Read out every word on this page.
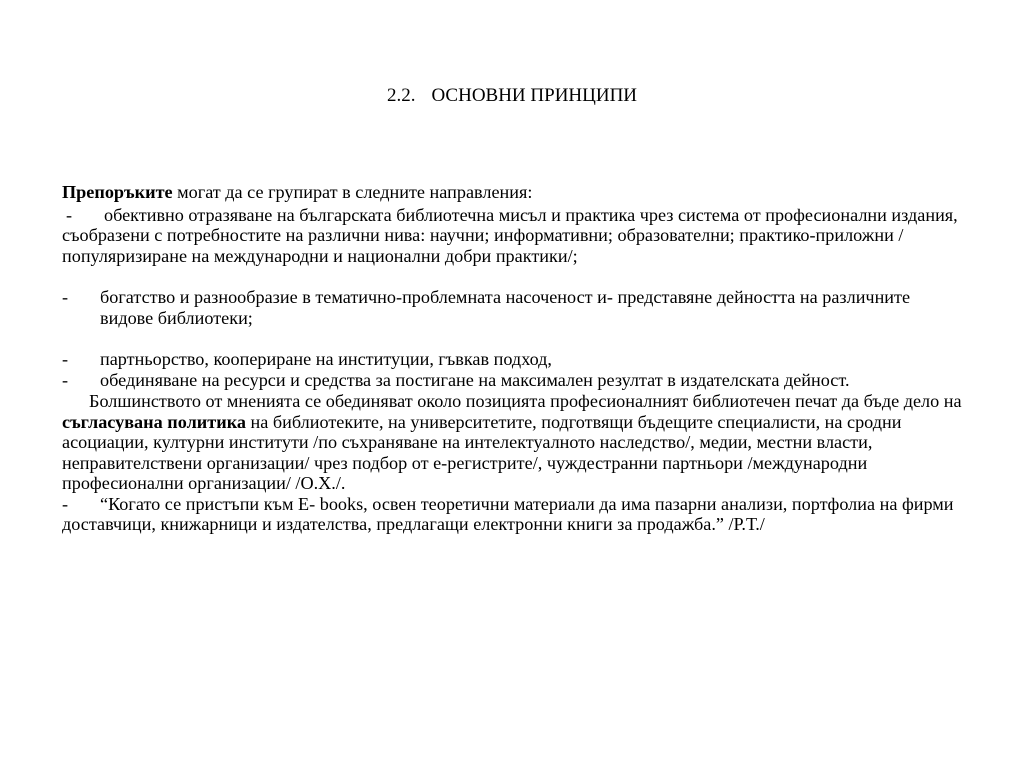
2.2. ОСНОВНИ ПРИНЦИПИ

Препоръките могат да се групират в следните направления:

- обективно отразяване на българската библиотечна мисъл и практика чрез система от професионални издания, съобразени с потребностите на различни нива: научни; информативни; образователни; практико-приложни /популяризиране на международни и национални добри практики/;

-	богатство и разнообразие в тематично-проблемната насоченост и- представяне дейността на различните видове библиотеки;
-	партньорство, коопериране на институции, гъвкав подход,

- обединяване на ресурси и средства за постигане на максимален резултат в издателската дейност.

Болшинството от мненията се обединяват около позицията професионалният библиотечен печат да бъде дело на съгласувана политика на библиотеките, на университетите, подготвящи бъдещите специалисти, на сродни асоциации, културни институти /по съхраняване на интелектуалното наследство/, медии, местни власти, неправителствени организации/ чрез подбор от е-регистрите/, чуждестранни партньори /международни професионални организации/ /О.Х./.

- “Когато се пристъпи към Е- books, освен теоретични материали да има пазарни анализи, портфолиа на фирми доставчици, книжарници и издателства, предлагащи електронни книги за продажба.” /Р.Т./
